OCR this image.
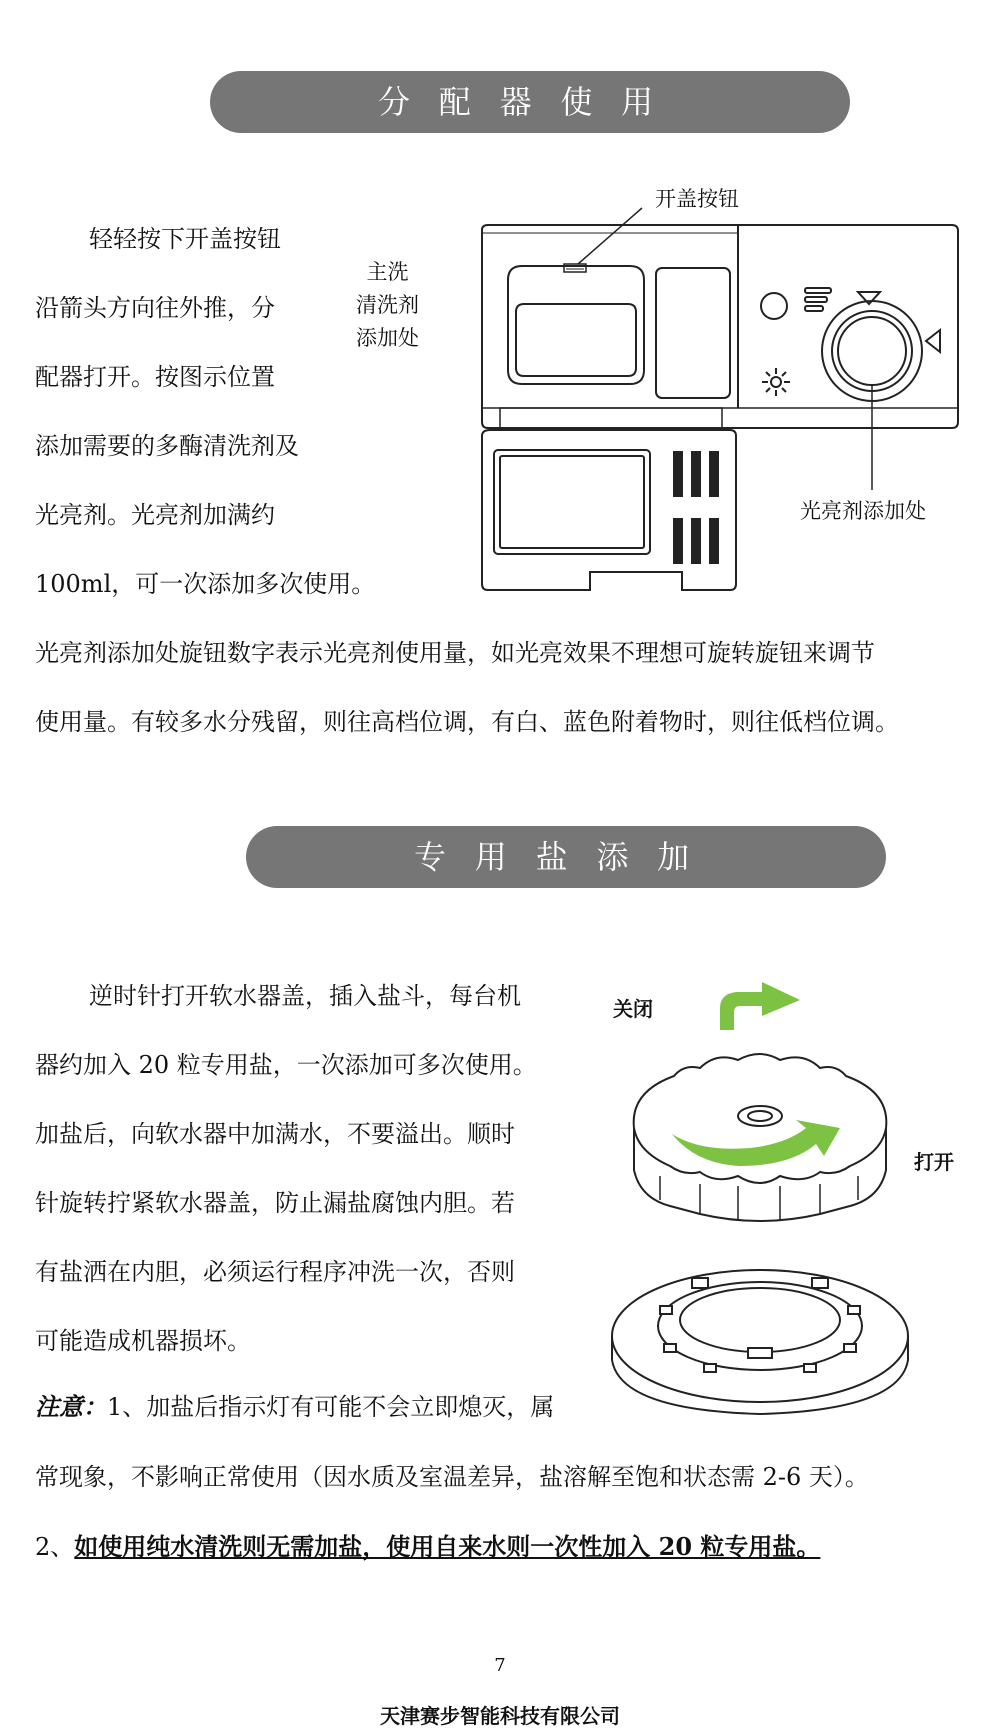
分配器使用

轻轻按下开盖按钮

沿箭头方向往外推，分

配器打开。按图示位置

添加需要的多酶清洗剂及

光亮剂。光亮剂加满约

100ml，可一次添加多次使用。

主洗
清洗剂
添加处
开盖按钮
光亮剂添加处

光亮剂添加处旋钮数字表示光亮剂使用量，如光亮效果不理想可旋转旋钮来调节

使用量。有较多水分残留，则往高档位调，有白、蓝色附着物时，则往低档位调。

专用盐添加

逆时针打开软水器盖，插入盐斗，每台机

器约加入 20 粒专用盐，一次添加可多次使用。

加盐后，向软水器中加满水，不要溢出。顺时

针旋转拧紧软水器盖，防止漏盐腐蚀内胆。若

有盐洒在内胆，必须运行程序冲洗一次，否则

可能造成机器损坏。

关闭
打开
注意：1、加盐后指示灯有可能不会立即熄灭，属
常现象，不影响正常使用（因水质及室温差异，盐溶解至饱和状态需 2-6 天）。
2、如使用纯水清洗则无需加盐，使用自来水则一次性加入 20 粒专用盐。
7
天津赛步智能科技有限公司
